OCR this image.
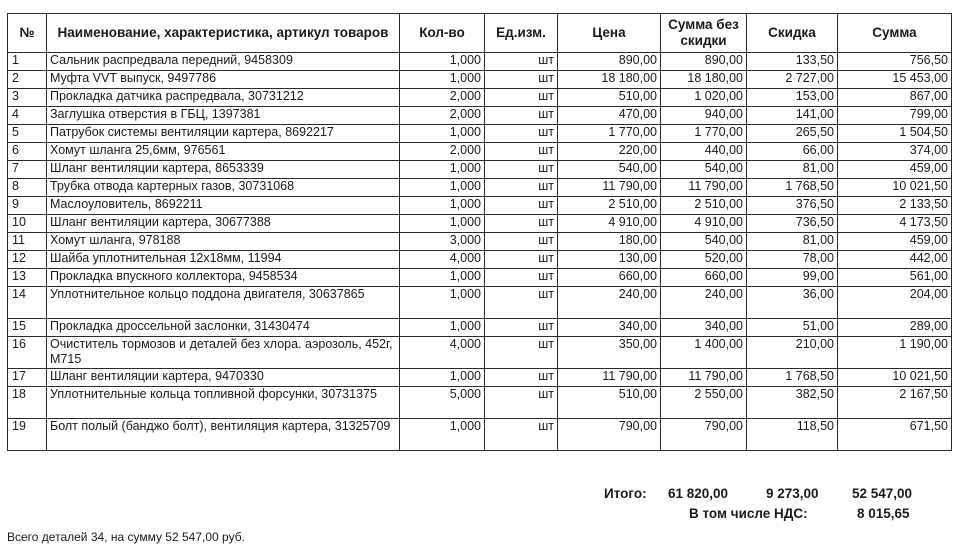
№	Наименование, характеристика, артикул товаров	Кол-во	Ед.изм.	Цена	Сумма без скидки	Скидка	Сумма
1	Сальник распредвала передний, 9458309	1,000	шт	890,00	890,00	133,50	756,50
2	Муфта VVT выпуск, 9497786	1,000	шт	18 180,00	18 180,00	2 727,00	15 453,00
3	Прокладка датчика распредвала, 30731212	2,000	шт	510,00	1 020,00	153,00	867,00
4	Заглушка отверстия в ГБЦ, 1397381	2,000	шт	470,00	940,00	141,00	799,00
5	Патрубок системы вентиляции картера, 8692217	1,000	шт	1 770,00	1 770,00	265,50	1 504,50
6	Хомут шланга 25,6мм, 976561	2,000	шт	220,00	440,00	66,00	374,00
7	Шланг вентиляции картера, 8653339	1,000	шт	540,00	540,00	81,00	459,00
8	Трубка отвода картерных газов, 30731068	1,000	шт	11 790,00	11 790,00	1 768,50	10 021,50
9	Маслоуловитель, 8692211	1,000	шт	2 510,00	2 510,00	376,50	2 133,50
10	Шланг вентиляции картера, 30677388	1,000	шт	4 910,00	4 910,00	736,50	4 173,50
11	Хомут шланга, 978188	3,000	шт	180,00	540,00	81,00	459,00
12	Шайба уплотнительная 12х18мм, 11994	4,000	шт	130,00	520,00	78,00	442,00
13	Прокладка впускного коллектора, 9458534	1,000	шт	660,00	660,00	99,00	561,00
14	Уплотнительное кольцо поддона двигателя, 30637865	1,000	шт	240,00	240,00	36,00	204,00
15	Прокладка дроссельной заслонки, 31430474	1,000	шт	340,00	340,00	51,00	289,00
16	Очиститель тормозов и деталей без хлора. аэрозоль, 452г, M715	4,000	шт	350,00	1 400,00	210,00	1 190,00
17	Шланг вентиляции картера, 9470330	1,000	шт	11 790,00	11 790,00	1 768,50	10 021,50
18	Уплотнительные кольца топливной форсунки, 30731375	5,000	шт	510,00	2 550,00	382,50	2 167,50
19	Болт полый (банджо болт), вентиляция картера, 31325709	1,000	шт	790,00	790,00	118,50	671,50
Итого: 61 820,00	9 273,00 52 547,00
В том числе НДС:	8 015,65
Всего деталей 34, на сумму 52 547,00 руб.
